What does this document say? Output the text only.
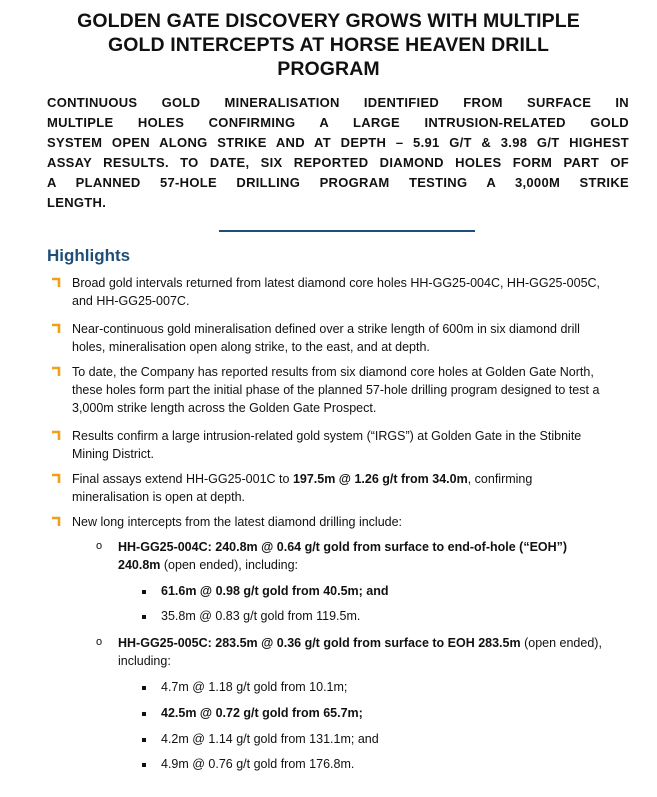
GOLDEN GATE DISCOVERY GROWS WITH MULTIPLE
GOLD INTERCEPTS AT HORSE HEAVEN DRILL
PROGRAM
CONTINUOUS GOLD MINERALISATION IDENTIFIED FROM SURFACE IN
MULTIPLE HOLES CONFIRMING A LARGE INTRUSION-RELATED GOLD
SYSTEM OPEN ALONG STRIKE AND AT DEPTH – 5.91 G/T & 3.98 G/T HIGHEST
ASSAY RESULTS. TO DATE, SIX REPORTED DIAMOND HOLES FORM PART OF
A PLANNED 57-HOLE DRILLING PROGRAM TESTING A 3,000M STRIKE
LENGTH.
Highlights
Broad gold intervals returned from latest diamond core holes HH-GG25-004C, HH-GG25-005C,
and HH-GG25-007C.
Near-continuous gold mineralisation defined over a strike length of 600m in six diamond drill
holes, mineralisation open along strike, to the east, and at depth.
To date, the Company has reported results from six diamond core holes at Golden Gate North,
these holes form part the initial phase of the planned 57-hole drilling program designed to test a
3,000m strike length across the Golden Gate Prospect.
Results confirm a large intrusion-related gold system (“IRGS”) at Golden Gate in the Stibnite
Mining District.
Final assays extend HH-GG25-001C to 197.5m @ 1.26 g/t from 34.0m, confirming
mineralisation is open at depth.
New long intercepts from the latest diamond drilling include:
o HH-GG25-004C: 240.8m @ 0.64 g/t gold from surface to end-of-hole (“EOH”)
240.8m (open ended), including:
61.6m @ 0.98 g/t gold from 40.5m; and
35.8m @ 0.83 g/t gold from 119.5m.
o HH-GG25-005C: 283.5m @ 0.36 g/t gold from surface to EOH 283.5m (open ended),
including:
4.7m @ 1.18 g/t gold from 10.1m;
42.5m @ 0.72 g/t gold from 65.7m;
4.2m @ 1.14 g/t gold from 131.1m; and
4.9m @ 0.76 g/t gold from 176.8m.
